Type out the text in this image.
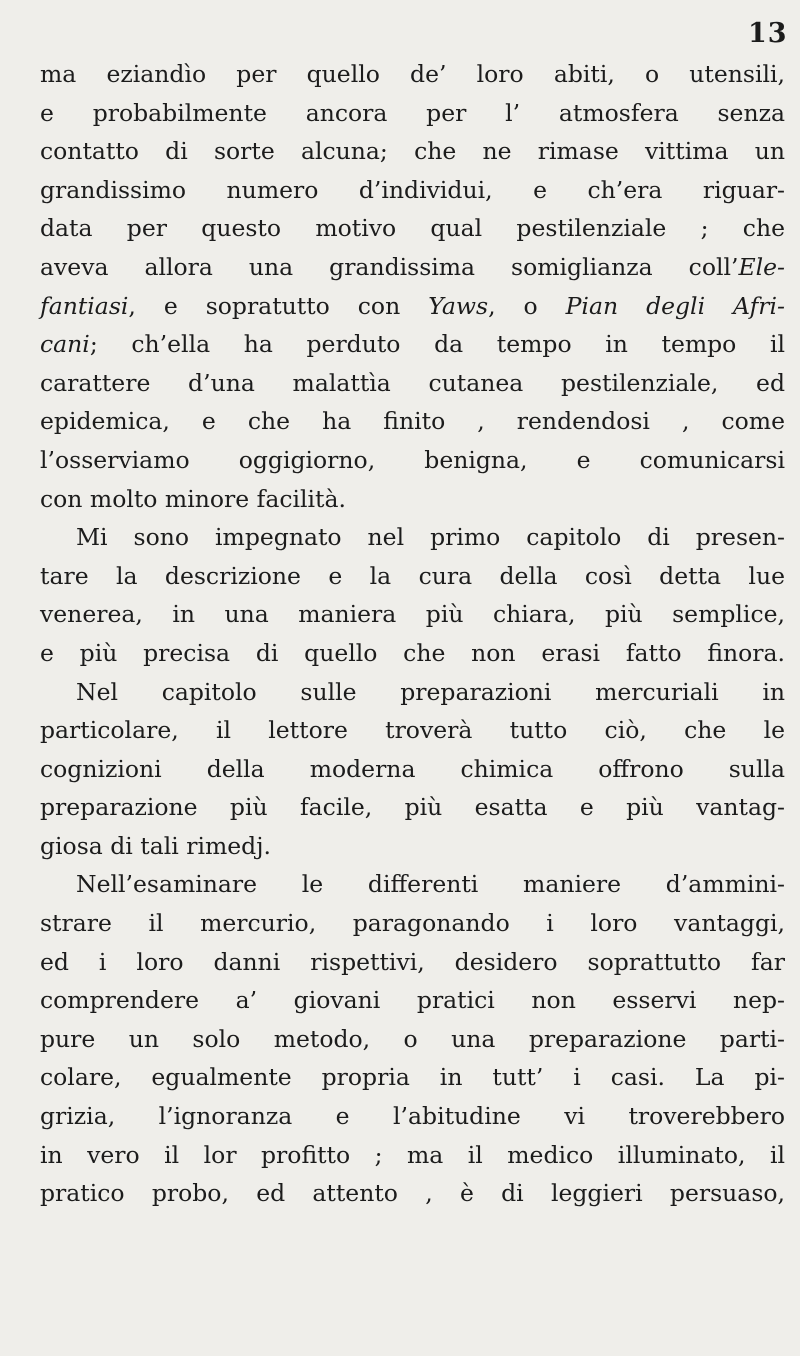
13
ma eziandìo per quello de’ loro abiti, o utensili,
e probabilmente ancora per l’ atmosfera senza
contatto di sorte alcuna; che ne rimase vittima un
grandissimo numero d’individui, e ch’era riguar-
data per questo motivo qual pestilenziale ; che
aveva allora una grandissima somiglianza coll’Ele-
fantiasi, e sopratutto con Yaws, o Pian degli Afri-
cani; ch’ella ha perduto da tempo in tempo il
carattere d’una malattìa cutanea pestilenziale, ed
epidemica, e che ha finito , rendendosi , come
l’osserviamo oggigiorno, benigna, e comunicarsi
con molto minore facilità.
Mi sono impegnato nel primo capitolo di presen-
tare la descrizione e la cura della così detta lue
venerea, in una maniera più chiara, più semplice,
e più precisa di quello che non erasi fatto finora.
Nel capitolo sulle preparazioni mercuriali in
particolare, il lettore troverà tutto ciò, che le
cognizioni della moderna chimica offrono sulla
preparazione più facile, più esatta e più vantag-
giosa di tali rimedj.
Nell’esaminare le differenti maniere d’ammini-
strare il mercurio, paragonando i loro vantaggi,
ed i loro danni rispettivi, desidero soprattutto far
comprendere a’ giovani pratici non esservi nep-
pure un solo metodo, o una preparazione parti-
colare, egualmente propria in tutt’ i casi. La pi-
grizia, l’ignoranza e l’abitudine vi troverebbero
in vero il lor profitto ; ma il medico illuminato, il
pratico probo, ed attento , è di leggieri persuaso,
